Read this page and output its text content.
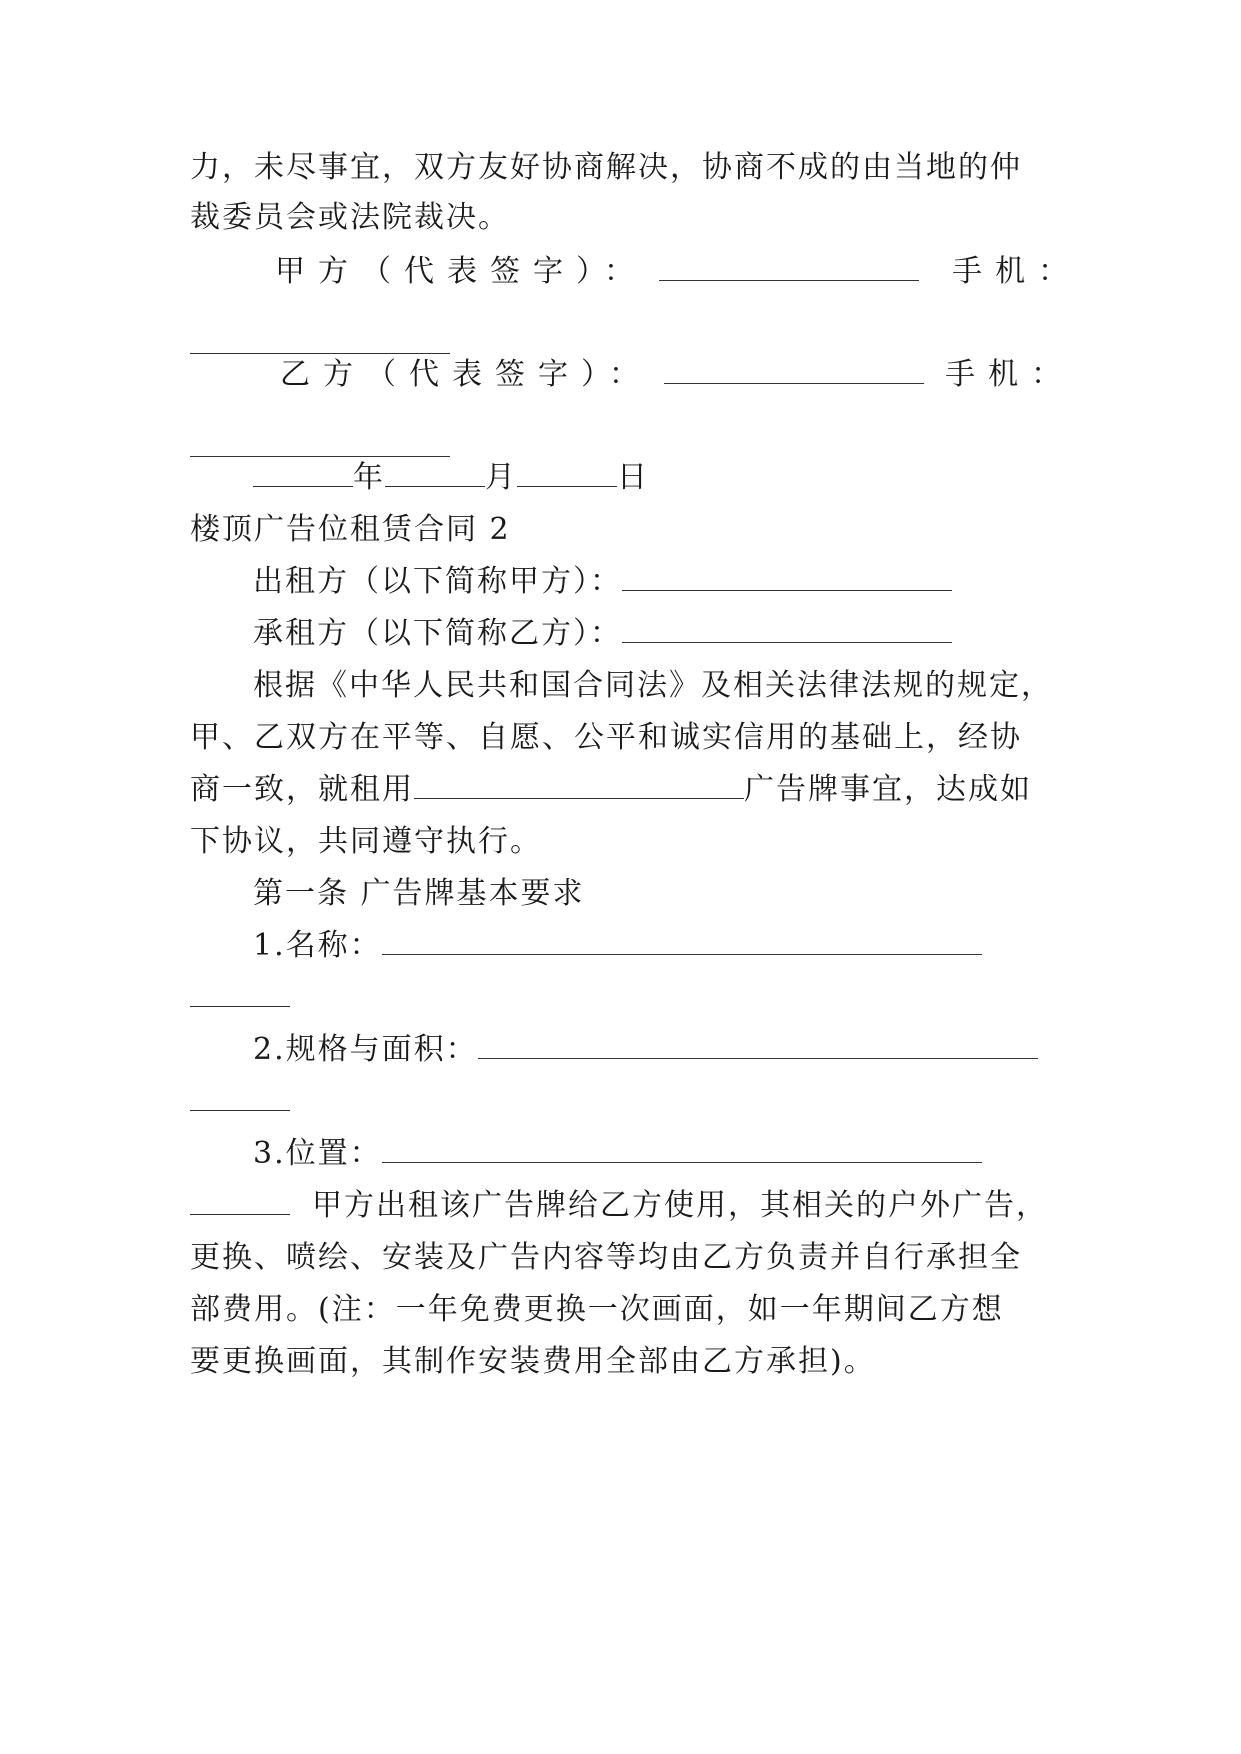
力，未尽事宜，双方友好协商解决，协商不成的由当地的仲
裁委员会或法院裁决。
甲方（代表签字）：	手机：
乙方（代表签字）：	手机：
年	月	日
楼顶广告位租赁合同 2
出租方（以下简称甲方）：
承租方（以下简称乙方）：
根据《中华人民共和国合同法》及相关法律法规的规定，
甲、乙双方在平等、自愿、公平和诚实信用的基础上，经协
商一致，就租用	广告牌事宜，达成如
下协议，共同遵守执行。
第一条 广告牌基本要求
1.名称：
2.规格与面积：
3.位置：
甲方出租该广告牌给乙方使用，其相关的户外广告，
更换、喷绘、安装及广告内容等均由乙方负责并自行承担全
部费用。(注：一年免费更换一次画面，如一年期间乙方想
要更换画面，其制作安装费用全部由乙方承担)。
